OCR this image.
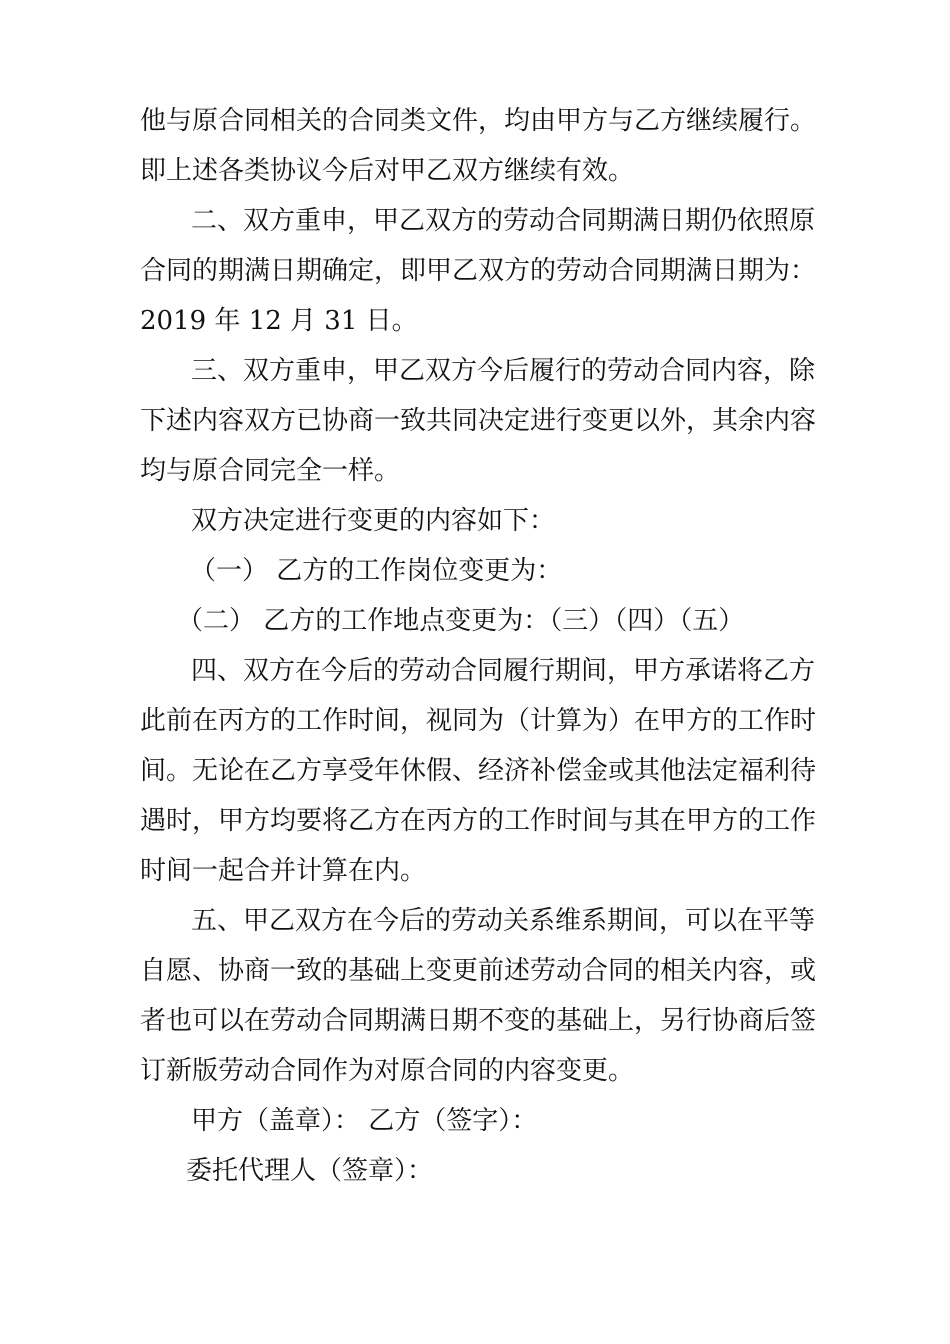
他与原合同相关的合同类文件，均由甲方与乙方继续履行。
即上述各类协议今后对甲乙双方继续有效。
二、双方重申，甲乙双方的劳动合同期满日期仍依照原
合同的期满日期确定，即甲乙双方的劳动合同期满日期为：
2019 年 12 月 31 日。
三、双方重申，甲乙双方今后履行的劳动合同内容，除
下述内容双方已协商一致共同决定进行变更以外，其余内容
均与原合同完全一样。
双方决定进行变更的内容如下：
（一） 乙方的工作岗位变更为：
（二） 乙方的工作地点变更为：（三）（四）（五）
四、双方在今后的劳动合同履行期间，甲方承诺将乙方
此前在丙方的工作时间，视同为（计算为）在甲方的工作时
间。无论在乙方享受年休假、经济补偿金或其他法定福利待
遇时，甲方均要将乙方在丙方的工作时间与其在甲方的工作
时间一起合并计算在内。
五、甲乙双方在今后的劳动关系维系期间，可以在平等
自愿、协商一致的基础上变更前述劳动合同的相关内容，或
者也可以在劳动合同期满日期不变的基础上，另行协商后签
订新版劳动合同作为对原合同的内容变更。
甲方（盖章）： 乙方（签字）：
委托代理人（签章）：
